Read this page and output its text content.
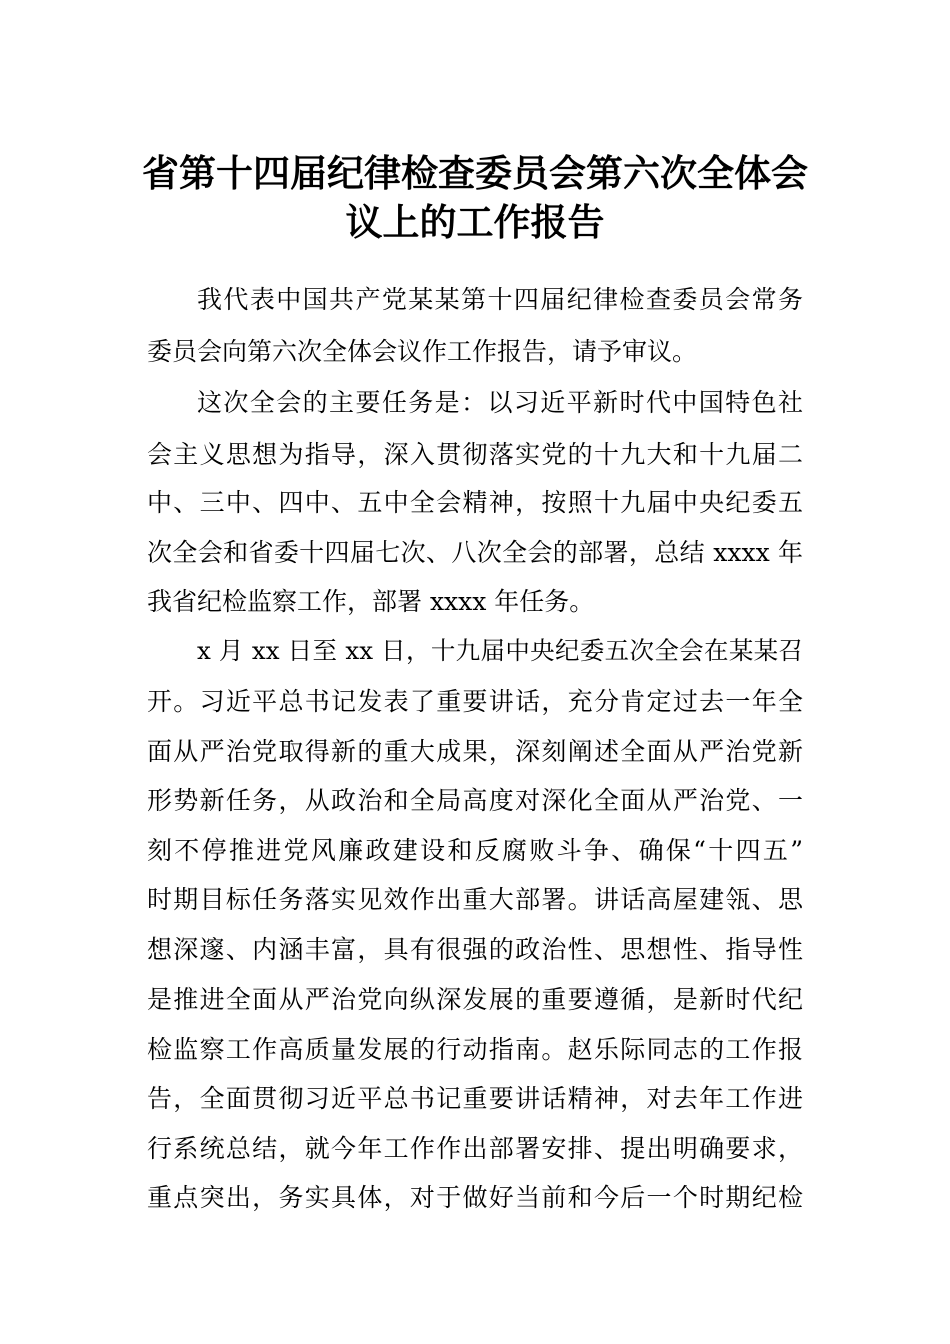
省第十四届纪律检查委员会第六次全体会
议上的工作报告

我代表中国共产党某某第十四届纪律检查委员会常务

委员会向第六次全体会议作工作报告，请予审议。

这次全会的主要任务是：以习近平新时代中国特色社

会主义思想为指导，深入贯彻落实党的十九大和十九届二

中、三中、四中、五中全会精神，按照十九届中央纪委五

次全会和省委十四届七次、八次全会的部署，总结 xxxx 年

我省纪检监察工作，部署 xxxx 年任务。

x 月 xx 日至 xx 日，十九届中央纪委五次全会在某某召

开。习近平总书记发表了重要讲话，充分肯定过去一年全

面从严治党取得新的重大成果，深刻阐述全面从严治党新

形势新任务，从政治和全局高度对深化全面从严治党、一

刻不停推进党风廉政建设和反腐败斗争、确保“十四五”

时期目标任务落实见效作出重大部署。讲话高屋建瓴、思

想深邃、内涵丰富，具有很强的政治性、思想性、指导性

是推进全面从严治党向纵深发展的重要遵循，是新时代纪

检监察工作高质量发展的行动指南。赵乐际同志的工作报

告，全面贯彻习近平总书记重要讲话精神，对去年工作进

行系统总结，就今年工作作出部署安排、提出明确要求，

重点突出，务实具体，对于做好当前和今后一个时期纪检
